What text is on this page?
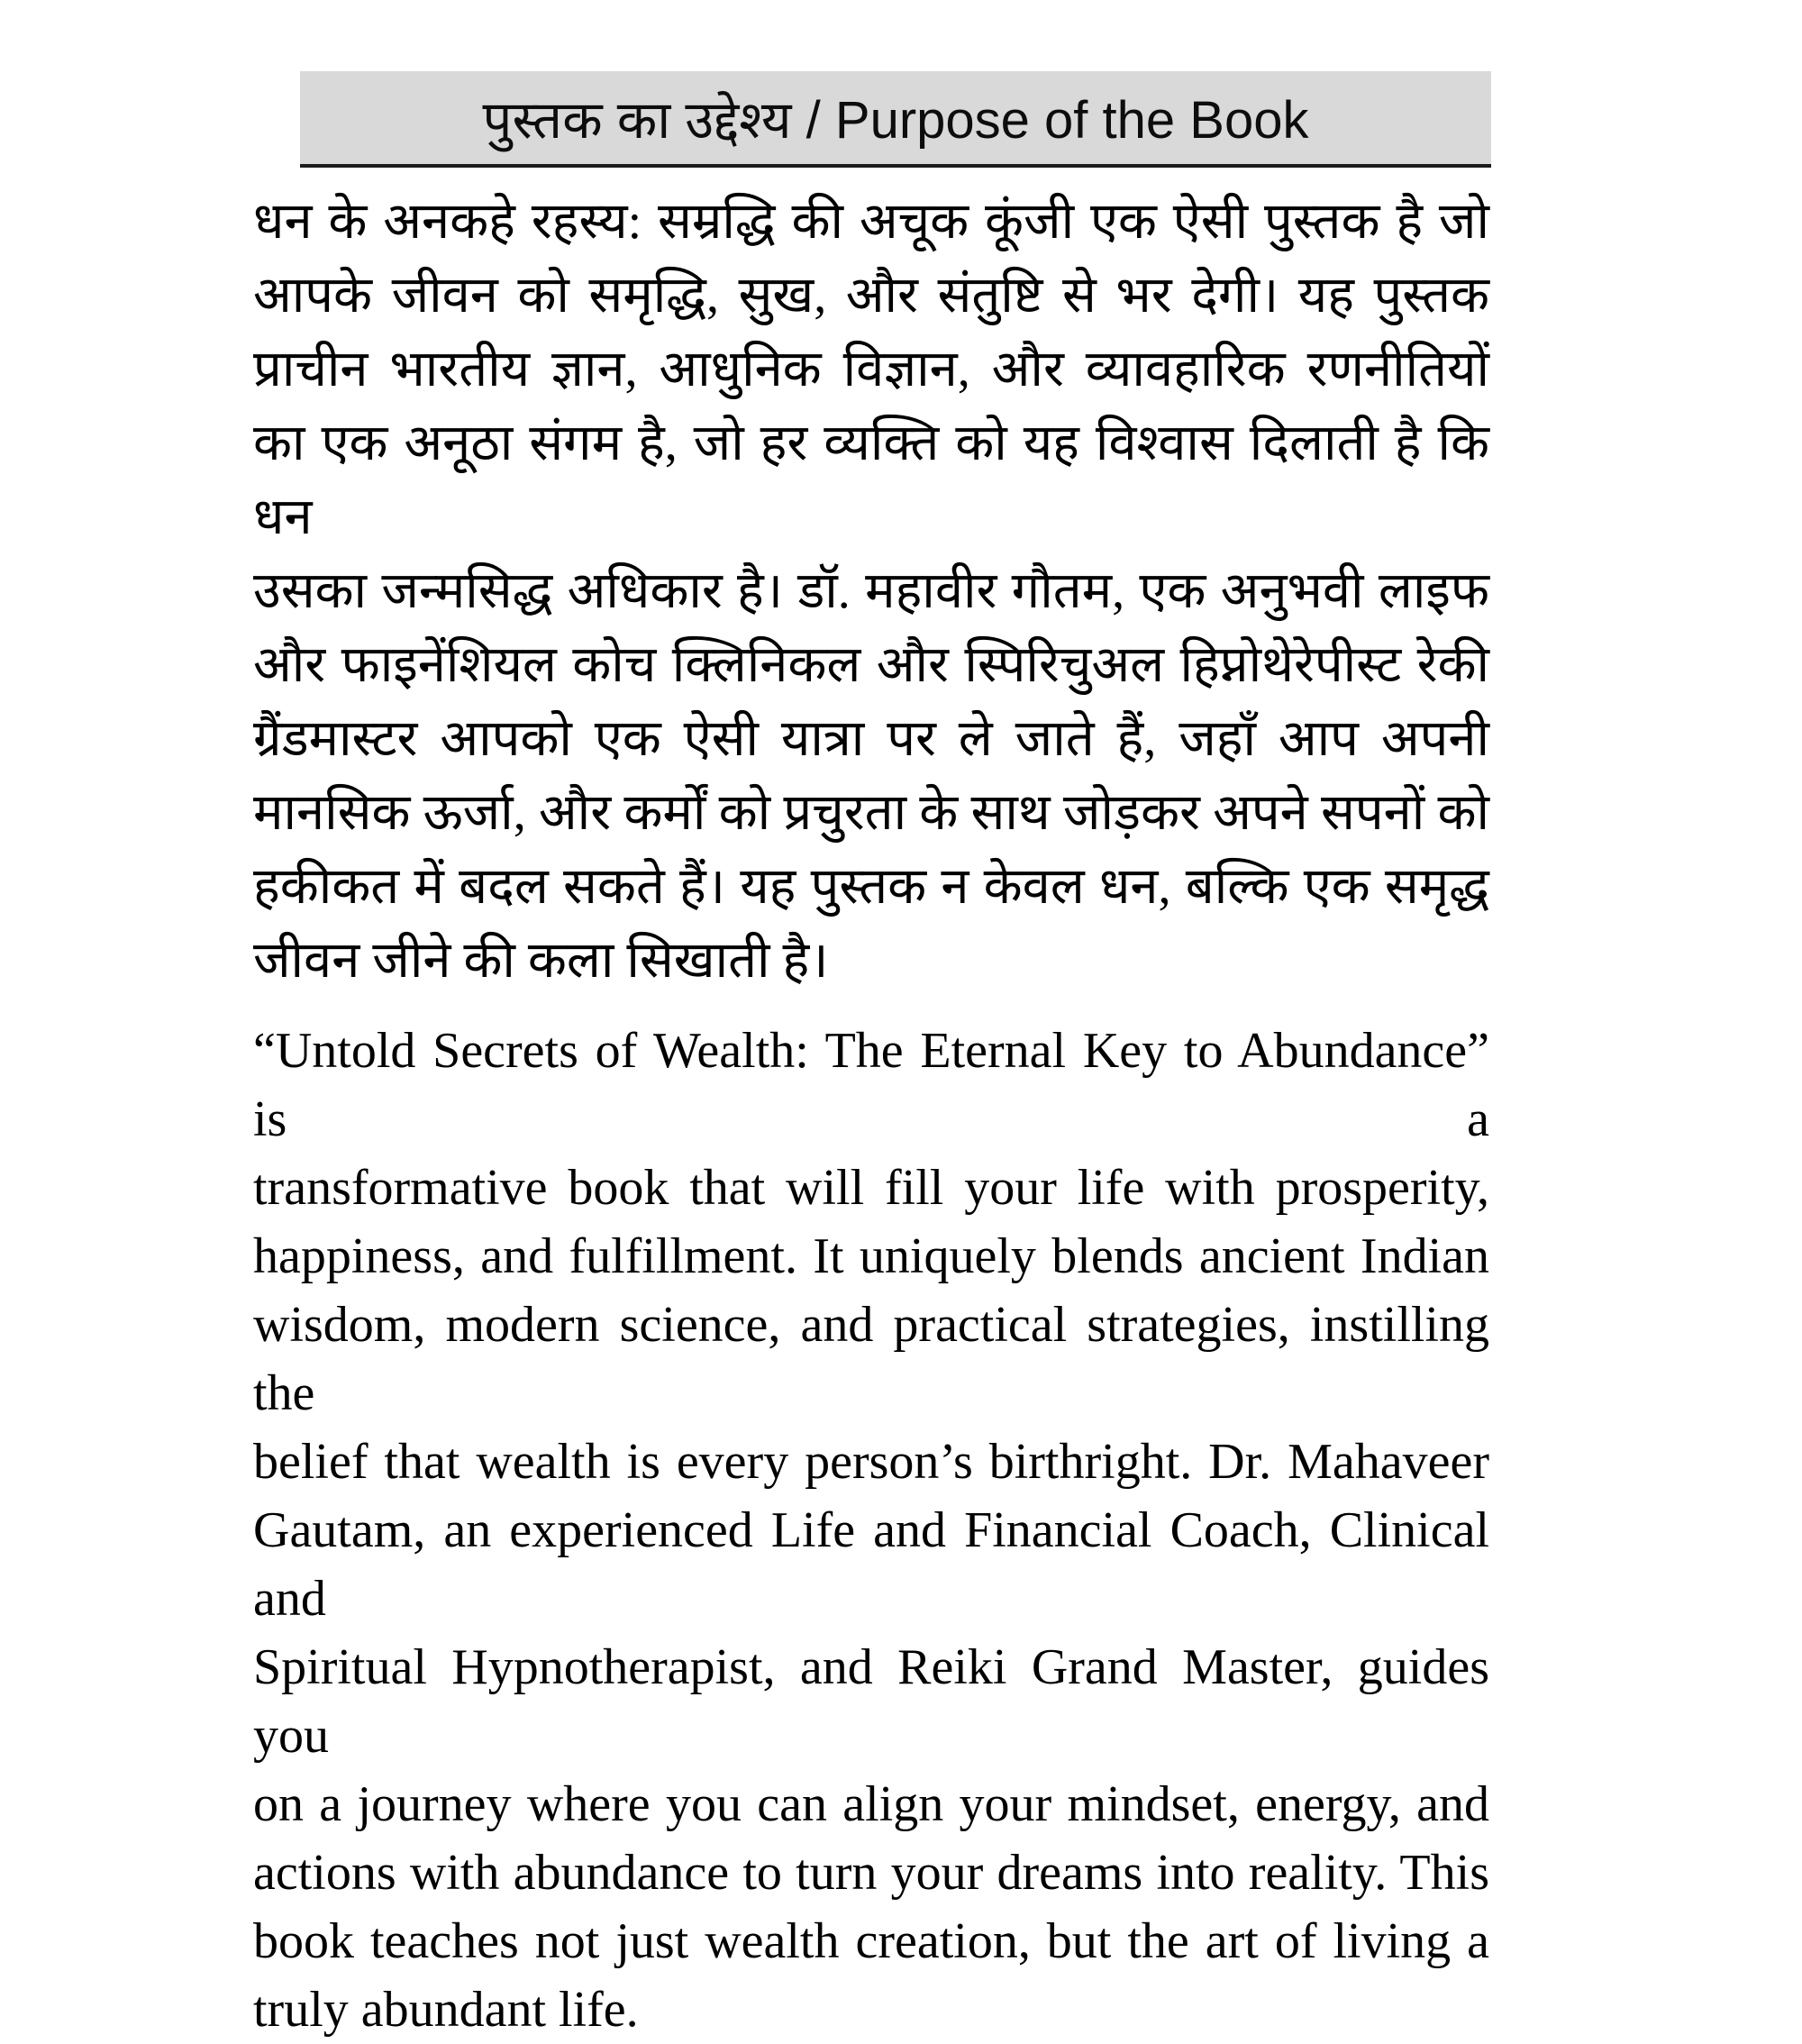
पुस्तक का उद्देश्य / Purpose of the Book
धन के अनकहे रहस्य: सम्रद्धि की अचूक कूंजी एक ऐसी पुस्तक है जो
आपके जीवन को समृद्धि, सुख, और संतुष्टि से भर देगी। यह पुस्तक
प्राचीन भारतीय ज्ञान, आधुनिक विज्ञान, और व्यावहारिक रणनीतियों
का एक अनूठा संगम है, जो हर व्यक्ति को यह विश्वास दिलाती है कि धन
उसका जन्मसिद्ध अधिकार है। डॉ. महावीर गौतम, एक अनुभवी लाइफ
और फाइनेंशियल कोच क्लिनिकल और स्पिरिचुअल हिप्नोथेरेपीस्ट रेकी
ग्रैंडमास्टर आपको एक ऐसी यात्रा पर ले जाते हैं, जहाँ आप अपनी
मानसिक ऊर्जा, और कर्मों को प्रचुरता के साथ जोड़कर अपने सपनों को
हकीकत में बदल सकते हैं। यह पुस्तक न केवल धन, बल्कि एक समृद्ध
जीवन जीने की कला सिखाती है।
“Untold Secrets of Wealth: The Eternal Key to Abundance” is a
transformative book that will fill your life with prosperity,
happiness, and fulfillment. It uniquely blends ancient Indian
wisdom, modern science, and practical strategies, instilling the
belief that wealth is every person’s birthright. Dr. Mahaveer
Gautam, an experienced Life and Financial Coach, Clinical and
Spiritual Hypnotherapist, and Reiki Grand Master, guides you
on a journey where you can align your mindset, energy, and
actions with abundance to turn your dreams into reality. This
book teaches not just wealth creation, but the art of living a
truly abundant life.
